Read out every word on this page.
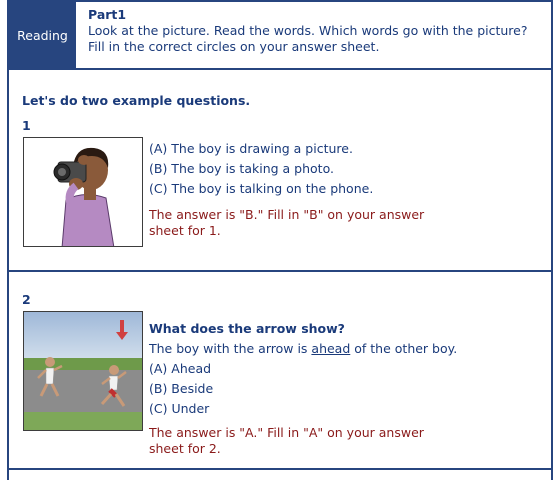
Reading
Part1
Look at the picture. Read the words. Which words go with the picture?
Fill in the correct circles on your answer sheet.
Let's do two example questions.
1
(A) The boy is drawing a picture.
(B) The boy is taking a photo.
(C) The boy is talking on the phone.
The answer is "B." Fill in "B" on your answer sheet for 1.
2
What does the arrow show?
The boy with the arrow is ahead of the other boy.
(A) Ahead
(B) Beside
(C) Under
The answer is "A." Fill in "A" on your answer sheet for 2.
